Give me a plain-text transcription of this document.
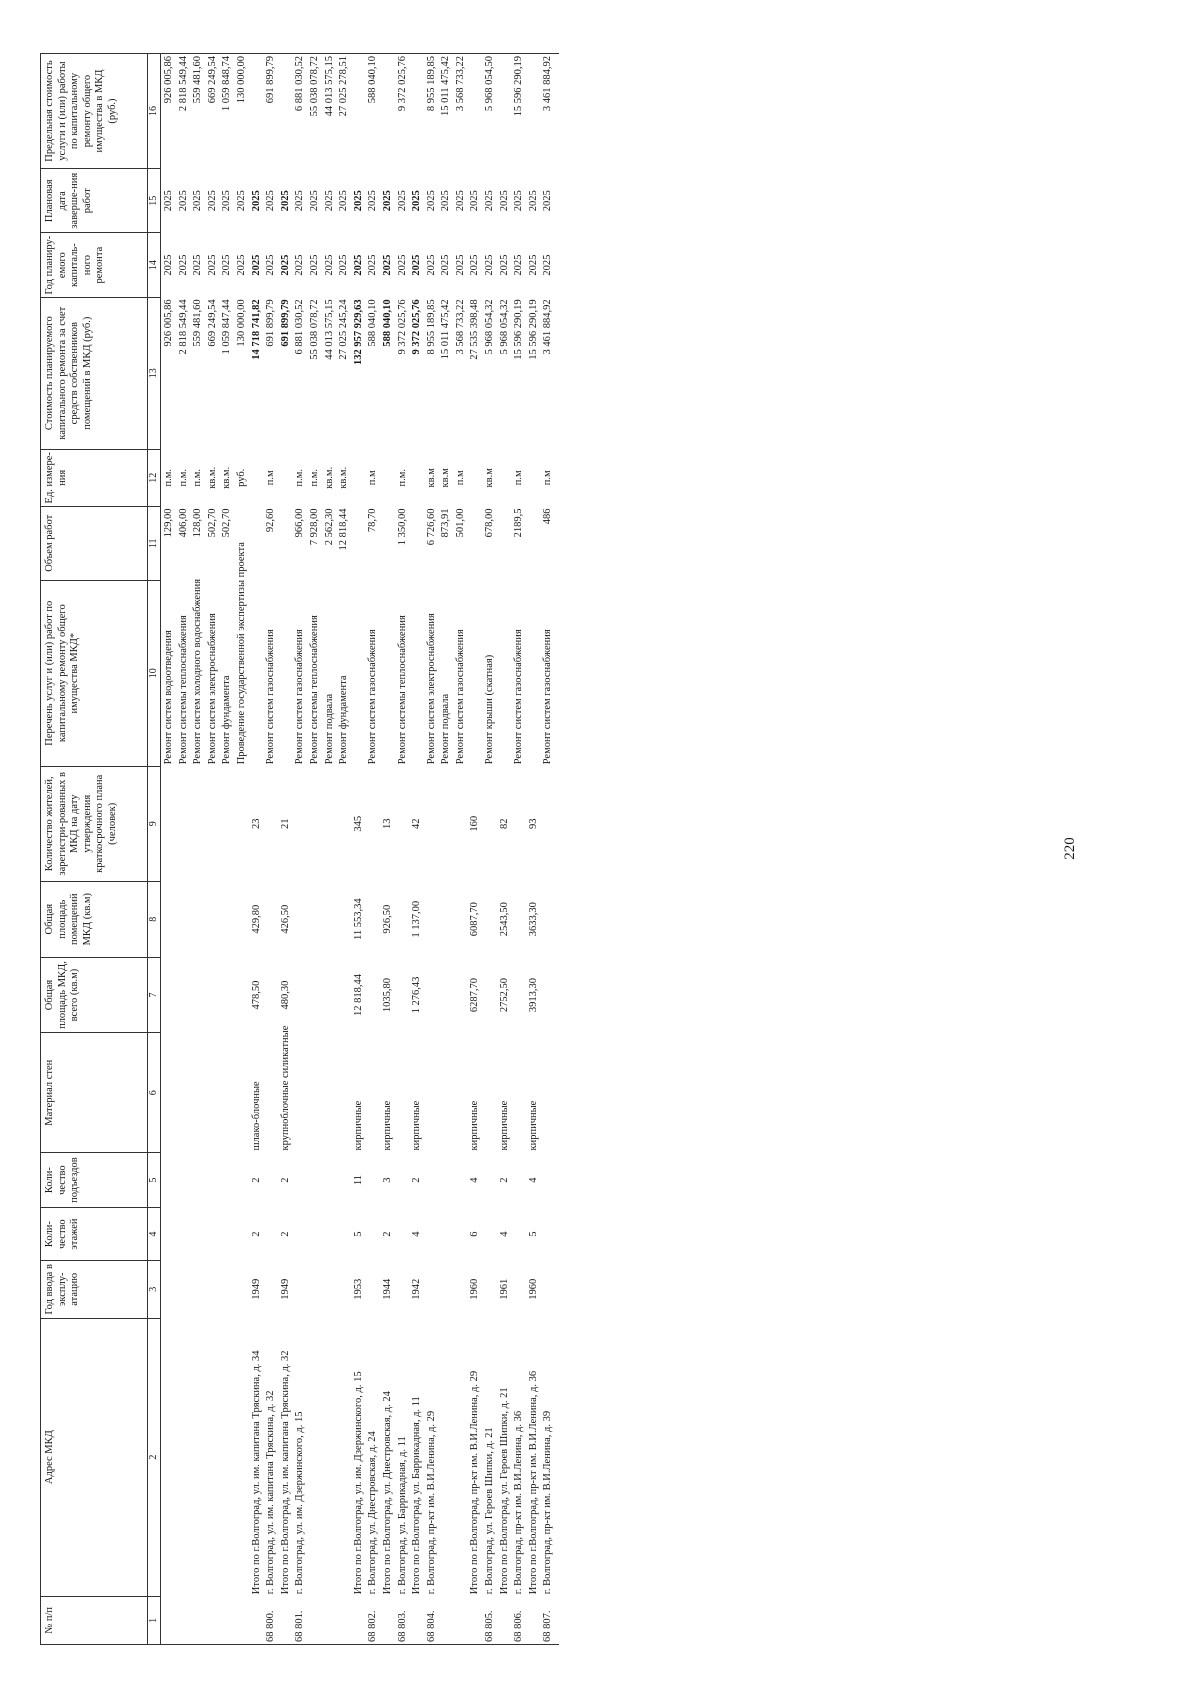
220
№ п/п	Адрес МКД	Год ввода в эксплу-атацию	Коли-чество этажей	Коли-чество подъездов	Материал стен	Общая площадь МКД, всего (кв.м)	Общая площадь помещений МКД (кв.м)	Количество жителей, зарегистри-рованных в МКД на дату утверждения краткосрочного плана (человек)	Перечень услуг и (или) работ по капитальному ремонту общего имущества МКД*	Объем работ	Ед. измере-ния	Стоимость планируемого капитального ремонта за счет средств собственников помещений в МКД (руб.)	Год планиру-емого капиталь-ного ремонта	Плановая дата заверше-ния работ	Предельная стоимость услуги и (или) работы по капитальному ремонту общего имущества в МКД (руб.)
1	2	3	4	5	6	7	8	9	10	11	12	13	14	15	16
									Ремонт систем водоотведения	129,00	п.м.	926 005,86	2025	2025	926 005,86
									Ремонт системы теплоснабжения	406,00	п.м.	2 818 549,44	2025	2025	2 818 549,44
									Ремонт систем холодного водоснабжения	128,00	п.м.	559 481,60	2025	2025	559 481,60
									Ремонт систем электроснабжения	502,70	кв.м.	669 249,54	2025	2025	669 249,54
									Ремонт фундамента	502,70	кв.м.	1 059 847,44	2025	2025	1 059 848,74
									Проведение государственной экспертизы проекта		руб.	130 000,00	2025	2025	130 000,00
	Итого по г.Волгоград, ул. им. капитана Тряскина, д. 34	1949	2	2	шлако-блочные	478,50	429,80	23				14 718 741,82	2025	2025	
68 800.	г. Волгоград, ул. им. капитана Тряскина, д. 32								Ремонт систем газоснабжения	92,60	п.м	691 899,79	2025	2025	691 899,79
	Итого по г.Волгоград, ул. им. капитана Тряскина, д. 32	1949	2	2	крупноблочные силикатные	480,30	426,50	21				691 899,79	2025	2025	
68 801.	г. Волгоград, ул. им. Дзержинского, д. 15								Ремонт систем газоснабжения	966,00	п.м.	6 881 030,52	2025	2025	6 881 030,52
									Ремонт системы теплоснабжения	7 928,00	п.м.	55 038 078,72	2025	2025	55 038 078,72
									Ремонт подвала	2 562,30	кв.м.	44 013 575,15	2025	2025	44 013 575,15
									Ремонт фундамента	12 818,44	кв.м.	27 025 245,24	2025	2025	27 025 278,51
	Итого по г.Волгоград, ул. им. Дзержинского, д. 15	1953	5	11	кирпичные	12 818,44	11 553,34	345				132 957 929,63	2025	2025	
68 802.	г. Волгоград, ул. Днестровская, д. 24								Ремонт систем газоснабжения	78,70	п.м	588 040,10	2025	2025	588 040,10
	Итого по г.Волгоград, ул. Днестровская, д. 24	1944	2	3	кирпичные	1035,80	926,50	13				588 040,10	2025	2025	
68 803.	г. Волгоград, ул. Баррикадная, д. 11								Ремонт системы теплоснабжения	1 350,00	п.м.	9 372 025,76	2025	2025	9 372 025,76
	Итого по г.Волгоград, ул. Баррикадная, д. 11	1942	4	2	кирпичные	1 276,43	1 137,00	42				9 372 025,76	2025	2025	
68 804.	г. Волгоград, пр-кт им. В.И.Ленина, д. 29								Ремонт систем электроснабжения	6 726,60	кв.м	8 955 189,85	2025	2025	8 955 189,85
									Ремонт подвала	873,91	кв.м	15 011 475,42	2025	2025	15 011 475,42
									Ремонт систем газоснабжения	501,00	п.м	3 568 733,22	2025	2025	3 568 733,22
	Итого по г.Волгоград, пр-кт им. В.И.Ленина, д. 29	1960	6	4	кирпичные	6287,70	6087,70	160				27 535 398,48	2025	2025	
68 805.	г. Волгоград, ул. Героев Шипки, д. 21								Ремонт крыши (скатная)	678,00	кв.м	5 968 054,32	2025	2025	5 968 054,50
	Итого по г.Волгоград, ул. Героев Шипки, д. 21	1961	4	2	кирпичные	2752,50	2543,50	82				5 968 054,32	2025	2025	
68 806.	г. Волгоград, пр-кт им. В.И.Ленина, д. 36								Ремонт систем газоснабжения	2189,5	п.м	15 596 290,19	2025	2025	15 596 290,19
	Итого по г.Волгоград, пр-кт им. В.И.Ленина, д. 36	1960	5	4	кирпичные	3913,30	3633,30	93				15 596 290,19	2025	2025	
68 807.	г. Волгоград, пр-кт им. В.И.Ленина, д. 39								Ремонт систем газоснабжения	486	п.м	3 461 884,92	2025	2025	3 461 884,92
